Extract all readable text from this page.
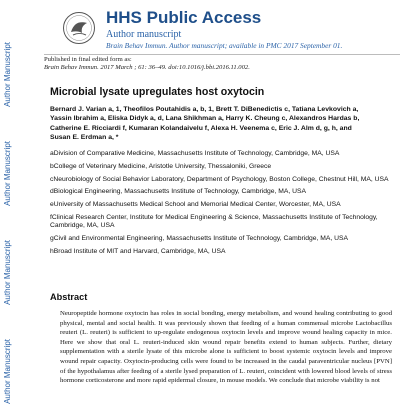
Author Manuscript
Author Manuscript
Author Manuscript
Author Manuscript
HHS Public Access
Author manuscript
Brain Behav Immun. Author manuscript; available in PMC 2017 September 01.
Published in final edited form as:
Brain Behav Immun. 2017 March ; 61: 36–49. doi:10.1016/j.bbi.2016.11.002.
Microbial lysate upregulates host oxytocin
Bernard J. Varian a, 1, Theofilos Poutahidis a, b, 1, Brett T. DiBenedictis c, Tatiana Levkovich a,
Yassin Ibrahim a, Eliska Didyk a, d, Lana Shikhman a, Harry K. Cheung c, Alexandros Hardas b,
Catherine E. Ricciardi f, Kumaran Kolandaivelu f, Alexa H. Veenema c, Eric J. Alm d, g, h, and
Susan E. Erdman a, *
aDivision of Comparative Medicine, Massachusetts Institute of Technology, Cambridge, MA, USA
bCollege of Veterinary Medicine, Aristotle University, Thessaloniki, Greece
cNeurobiology of Social Behavior Laboratory, Department of Psychology, Boston College, Chestnut Hill, MA, USA
dBiological Engineering, Massachusetts Institute of Technology, Cambridge, MA, USA
eUniversity of Massachusetts Medical School and Memorial Medical Center, Worcester, MA, USA
fClinical Research Center, Institute for Medical Engineering & Science, Massachusetts Institute of Technology, Cambridge, MA, USA
gCivil and Environmental Engineering, Massachusetts Institute of Technology, Cambridge, MA, USA
hBroad Institute of MIT and Harvard, Cambridge, MA, USA
Abstract
Neuropeptide hormone oxytocin has roles in social bonding, energy metabolism, and wound healing contributing to good physical, mental and social health. It was previously shown that feeding of a human commensal microbe Lactobacillus reuteri (L. reuteri) is sufficient to up-regulate endogenous oxytocin levels and improve wound healing capacity in mice. Here we show that oral L. reuteri-induced skin wound repair benefits extend to human subjects. Further, dietary supplementation with a sterile lysate of this microbe alone is sufficient to boost systemic oxytocin levels and improve wound repair capacity. Oxytocin-producing cells were found to be increased in the caudal paraventricular nucleus [PVN] of the hypothalamus after feeding of a sterile lysed preparation of L. reuteri, coincident with lowered blood levels of stress hormone corticosterone and more rapid epidermal closure, in mouse models. We conclude that microbe viability is not
